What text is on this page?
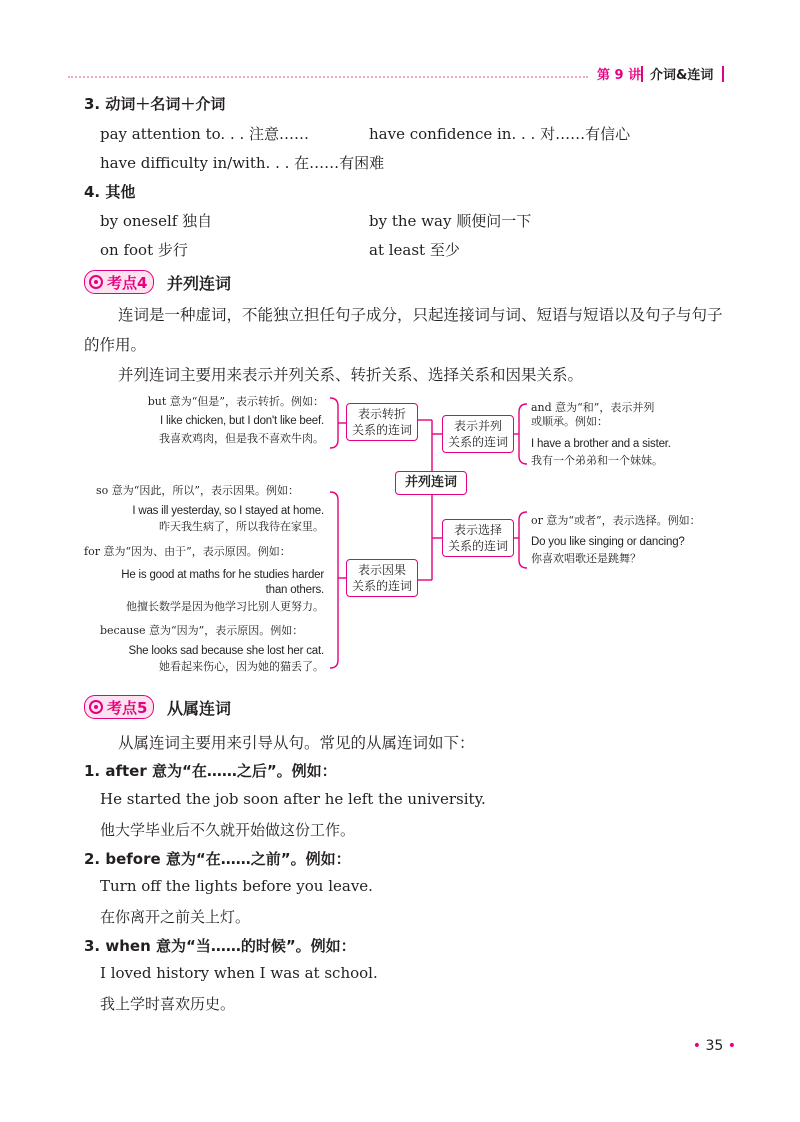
第 9 讲 介词&连词
3. 动词＋名词＋介词
pay attention to. . . 注意……	have confidence in. . . 对……有信心
have difficulty in/with. . . 在……有困难
4. 其他
by oneself 独自	by the way 顺便问一下
on foot 步行	at least 至少
考点4 并列连词
连词是一种虚词，不能独立担任句子成分，只起连接词与词、短语与短语以及句子与句子
的作用。
并列连词主要用来表示并列关系、转折关系、选择关系和因果关系。
并列连词
表示转折
关系的连词
表示因果
关系的连词
表示并列
关系的连词
表示选择
关系的连词
but 意为“但是”，表示转折。例如：
I like chicken, but I don't like beef.
我喜欢鸡肉，但是我不喜欢牛肉。
so 意为“因此，所以”，表示因果。例如：
I was ill yesterday, so I stayed at home.
昨天我生病了，所以我待在家里。
for 意为“因为、由于”，表示原因。例如：
He is good at maths for he studies harder
than others.
他擅长数学是因为他学习比别人更努力。
because 意为“因为”，表示原因。例如：
She looks sad because she lost her cat.
她看起来伤心，因为她的猫丢了。
and 意为“和”，表示并列
或顺承。例如：
I have a brother and a sister.
我有一个弟弟和一个妹妹。
or 意为“或者”，表示选择。例如：
Do you like singing or dancing?
你喜欢唱歌还是跳舞？
考点5 从属连词
从属连词主要用来引导从句。常见的从属连词如下：
1. after 意为“在……之后”。例如：
He started the job soon after he left the university.
他大学毕业后不久就开始做这份工作。
2. before 意为“在……之前”。例如：
Turn off the lights before you leave.
在你离开之前关上灯。
3. when 意为“当……的时候”。例如：
I loved history when I was at school.
我上学时喜欢历史。
• 35 •
